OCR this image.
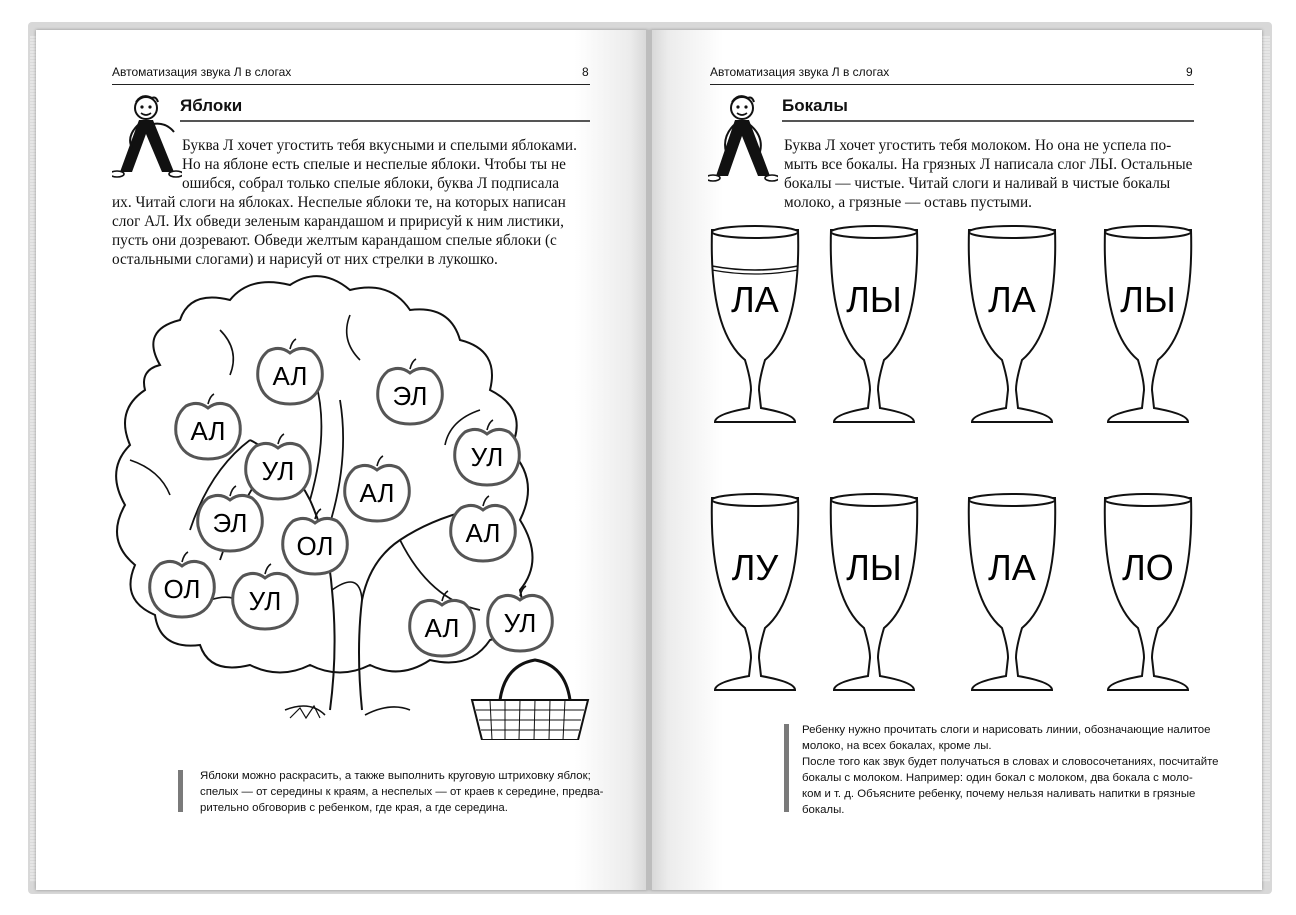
Автоматизация звука Л в слогах	8
Яблоки
Буква Л хочет угостить тебя вкусными и спелыми яблоками.
Но на яблоне есть спелые и неспелые яблоки. Чтобы ты не
ошибся, собрал только спелые яблоки, буква Л подписала
их. Читай слоги на яблоках. Неспелые яблоки те, на которых написан
слог АЛ. Их обведи зеленым карандашом и пририсуй к ним листики,
пусть они дозревают. Обведи желтым карандашом спелые яблоки (с
остальными слогами) и нарисуй от них стрелки в лукошко.
АЛ
ЭЛ
АЛ
УЛ	УЛ
АЛ
ЭЛ
ОЛ	АЛ
ОЛ УЛ
АЛ УЛ
Яблоки можно раскрасить, а также выполнить круговую штриховку яблок;
спелых — от середины к краям, а неспелых — от краев к середине, предва-
рительно обговорив с ребенком, где края, а где середина.
Автоматизация звука Л в слогах	9
Бокалы
Буква Л хочет угостить тебя молоком. Но она не успела по-
мыть все бокалы. На грязных Л написала слог ЛЫ. Остальные
бокалы — чистые. Читай слоги и наливай в чистые бокалы
молоко, а грязные — оставь пустыми.
ЛА ЛЫ ЛА ЛЫ
ЛУ ЛЫ ЛА ЛО
Ребенку нужно прочитать слоги и нарисовать линии, обозначающие налитое
молоко, на всех бокалах, кроме лы.
После того как звук будет получаться в словах и словосочетаниях, посчитайте
бокалы с молоком. Например: один бокал с молоком, два бокала с моло-
ком и т. д. Объясните ребенку, почему нельзя наливать напитки в грязные
бокалы.
